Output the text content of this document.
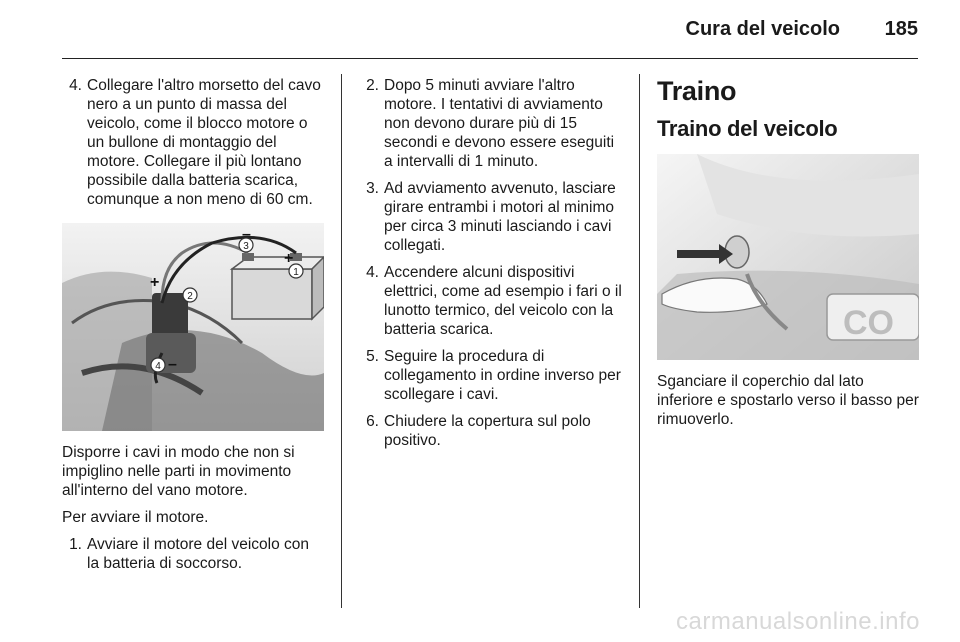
Cura del veicolo 185
4. Collegare l'altro morsetto del cavo nero a un punto di massa del veicolo, come il blocco motore o un bullone di montaggio del motore. Collegare il più lontano possibile dalla batteria scarica, comunque a non meno di 60 cm.
1
2
3
4
–
+
+
–

Disporre i cavi in modo che non si impiglino nelle parti in movimento all'interno del vano motore.

Per avviare il motore.

1. Avviare il motore del veicolo con la batteria di soccorso.
2. Dopo 5 minuti avviare l'altro motore. I tentativi di avviamento non devono durare più di 15 secondi e devono essere eseguiti a intervalli di 1 minuto.
3. Ad avviamento avvenuto, lasciare girare entrambi i motori al minimo per circa 3 minuti lasciando i cavi collegati.
4. Accendere alcuni dispositivi elettrici, come ad esempio i fari o il lunotto termico, del veicolo con la batteria scarica.
5. Seguire la procedura di collegamento in ordine inverso per scollegare i cavi.
6. Chiudere la copertura sul polo positivo.
Traino
Traino del veicolo
CO

Sganciare il coperchio dal lato inferiore e spostarlo verso il basso per rimuoverlo.

carmanualsonline.info
